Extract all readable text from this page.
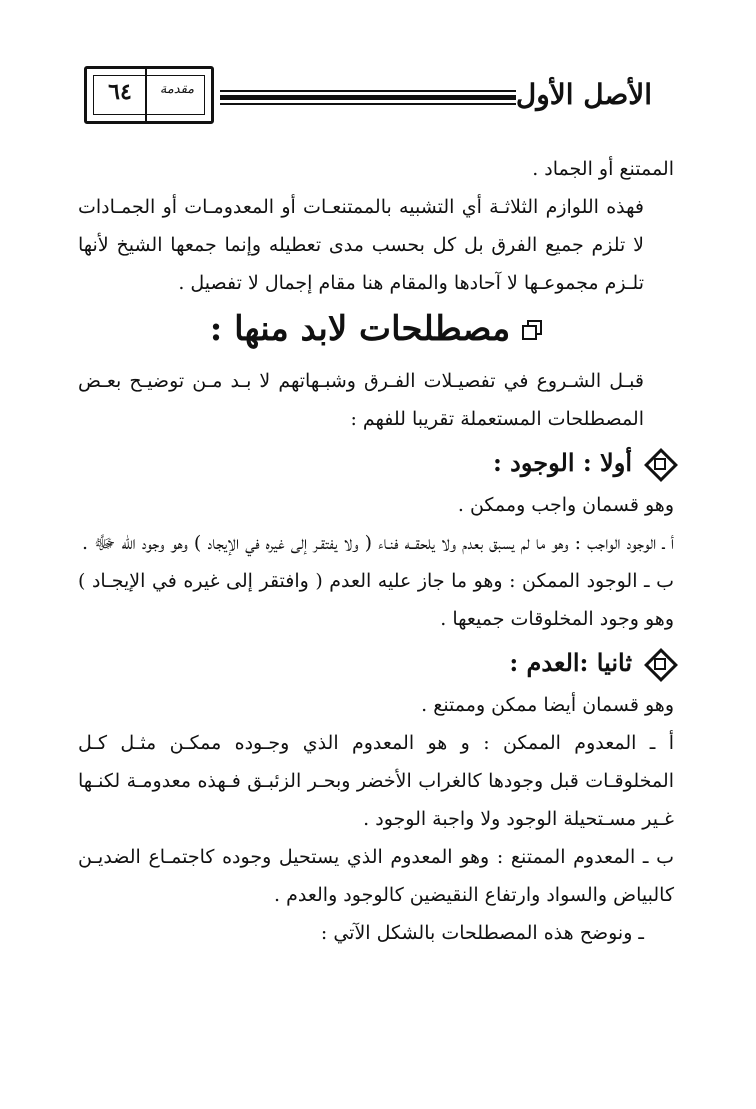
٦٤	مقدمة	الأصل الأول

الممتنع أو الجماد .

فهذه اللوازم الثلاثـة أي التشبيه بالممتنعـات أو المعدومـات أو الجمـادات لا تلزم جميع الفرق بل كل بحسب مدى تعطيله وإنما جمعها الشيخ لأنها تلـزم مجموعـها لا آحادها والمقام هنا مقام إجمال لا تفصيل .

مصطلحات لابد منها :

قبـل الشـروع في تفصيـلات الفـرق وشبـهاتهم لا بـد مـن توضيـح بعـض المصطلحات المستعملة تقريبا للفهم :

أولا : الوجود :

وهو قسمان واجب وممكن .

أ ـ الوجود الواجب : وهو ما لم يسبق بعدم ولا يلحقــه فنـاء ( ولا يفتقـر إلى غيره في الإيجاد ) وهو وجود الله ﷻ .

ب ـ الوجود الممكن : وهو ما جاز عليه العدم ( وافتقر إلى غيره في الإيجـاد ) وهو وجود المخلوقات جميعها .

ثانيا :العدم :

وهو قسمان أيضا ممكن وممتنع .

أ ـ المعدوم الممكن : و هو المعدوم الذي وجـوده ممكـن مثـل كـل المخلوقـات قبل وجودها كالغراب الأخضر وبحـر الزئبـق فـهذه معدومـة لكنـها غـير مسـتحيلة الوجود ولا واجبة الوجود .

ب ـ المعدوم الممتنع : وهو المعدوم الذي يستحيل وجوده كاجتمـاع الضديـن كالبياض والسواد وارتفاع النقيضين كالوجود والعدم .

ـ ونوضح هذه المصطلحات بالشكل الآتي :
